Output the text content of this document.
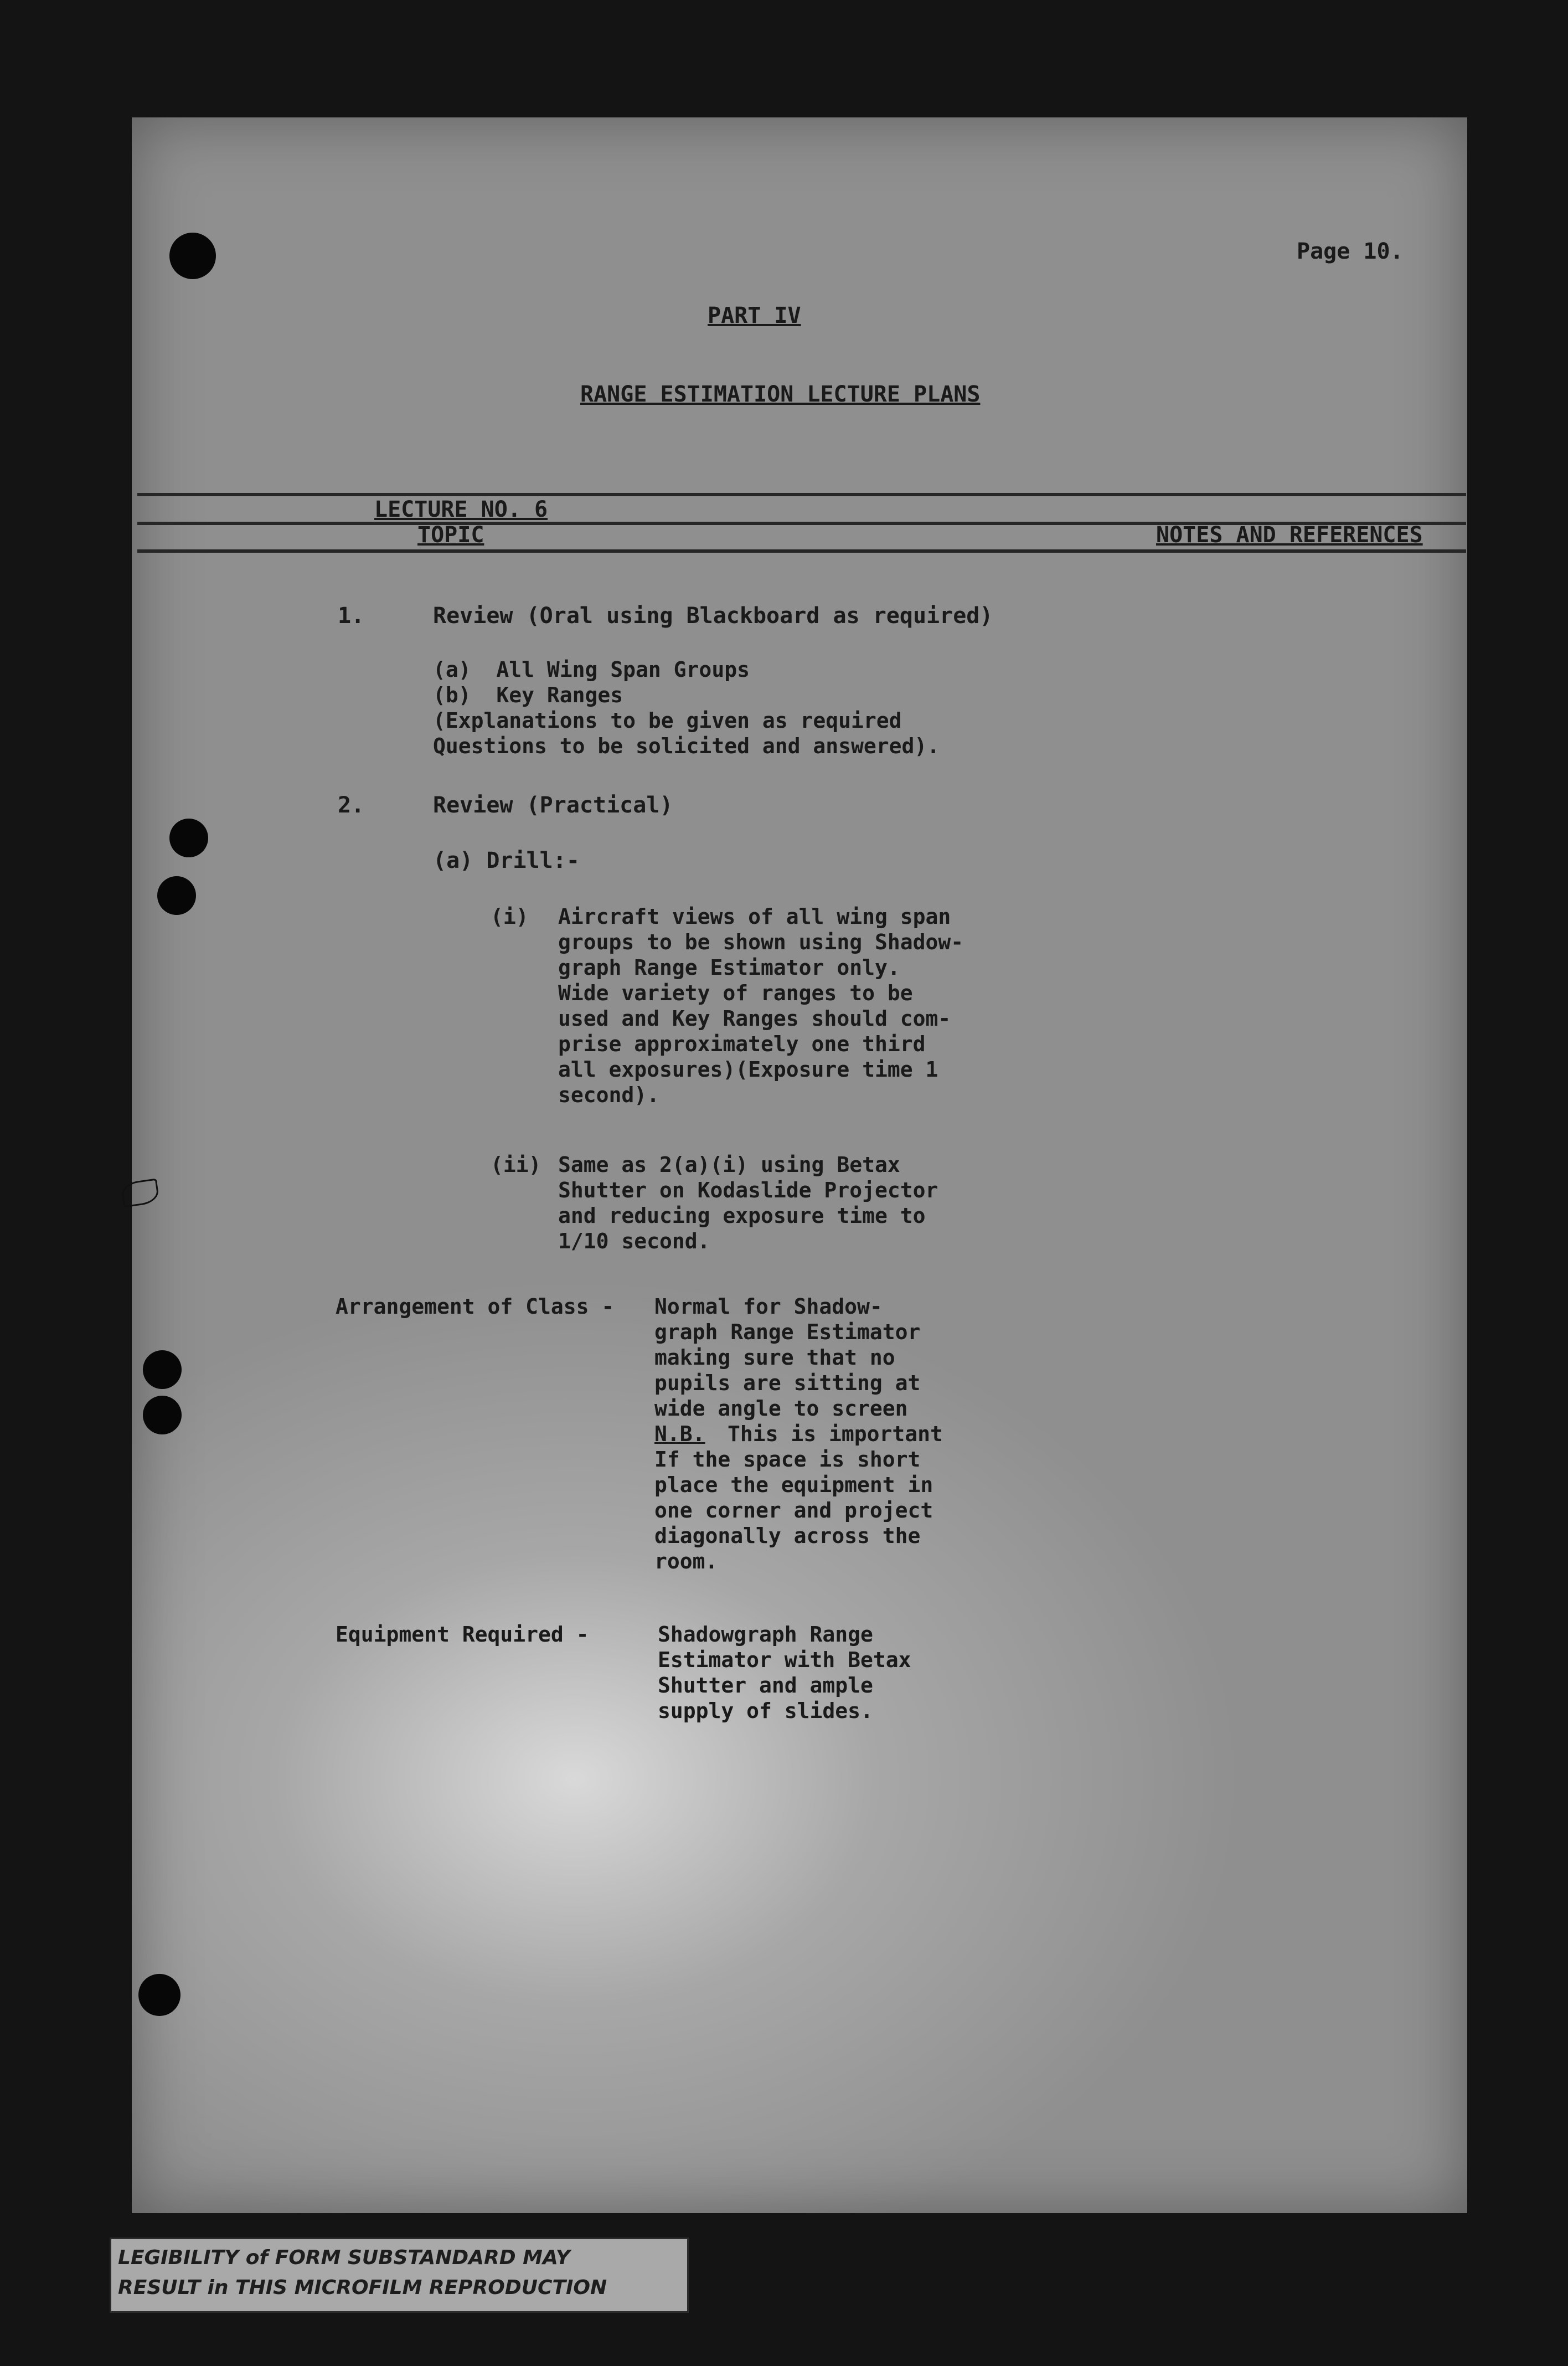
Page 10.
PART IV
RANGE ESTIMATION LECTURE PLANS
LECTURE NO. 6
TOPIC	NOTES AND REFERENCES
1.	Review (Oral using Blackboard as required)
(a)  All Wing Span Groups
(b)  Key Ranges
(Explanations to be given as required
Questions to be solicited and answered).
2.	Review (Practical)
(a) Drill:-
(i) Aircraft views of all wing span
groups to be shown using Shadow-
graph Range Estimator only.
Wide variety of ranges to be
used and Key Ranges should com-
prise approximately one third
all exposures)(Exposure time 1
second).
(ii) Same as 2(a)(i) using Betax
Shutter on Kodaslide Projector
and reducing exposure time to
1/10 second.
Arrangement of Class - Normal for Shadow-
graph Range Estimator
making sure that no
pupils are sitting at
wide angle to screen
N.B. This is important
If the space is short
place the equipment in
one corner and project
diagonally across the
room.
Equipment Required -	Shadowgraph Range
Estimator with Betax
Shutter and ample
supply of slides.
LEGIBILITY of FORM SUBSTANDARD MAY
RESULT in THIS MICROFILM REPRODUCTION
